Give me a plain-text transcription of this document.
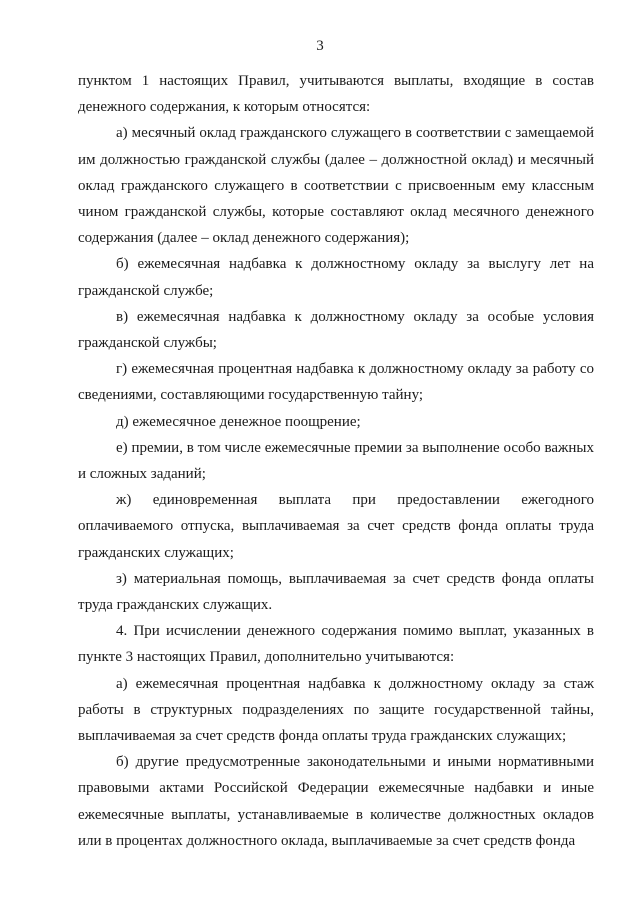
3

пунктом 1 настоящих Правил, учитываются выплаты, входящие в состав денежного содержания, к которым относятся:

а) месячный оклад гражданского служащего в соответствии с замещаемой им должностью гражданской службы (далее – должностной оклад) и месячный оклад гражданского служащего в соответствии с присвоенным ему классным чином гражданской службы, которые составляют оклад месячного денежного содержания (далее – оклад денежного содержания);

б) ежемесячная надбавка к должностному окладу за выслугу лет на гражданской службе;

в) ежемесячная надбавка к должностному окладу за особые условия гражданской службы;

г) ежемесячная процентная надбавка к должностному окладу за работу со сведениями, составляющими государственную тайну;

д) ежемесячное денежное поощрение;

е) премии, в том числе ежемесячные премии за выполнение особо важных и сложных заданий;

ж) единовременная выплата при предоставлении ежегодного оплачиваемого отпуска, выплачиваемая за счет средств фонда оплаты труда гражданских служащих;

з) материальная помощь, выплачиваемая за счет средств фонда оплаты труда гражданских служащих.

4. При исчислении денежного содержания помимо выплат, указанных в пункте 3 настоящих Правил, дополнительно учитываются:

а) ежемесячная процентная надбавка к должностному окладу за стаж работы в структурных подразделениях по защите государственной тайны, выплачиваемая за счет средств фонда оплаты труда гражданских служащих;

б) другие предусмотренные законодательными и иными нормативными правовыми актами Российской Федерации ежемесячные надбавки и иные ежемесячные выплаты, устанавливаемые в количестве должностных окладов или в процентах должностного оклада, выплачиваемые за счет средств фонда
